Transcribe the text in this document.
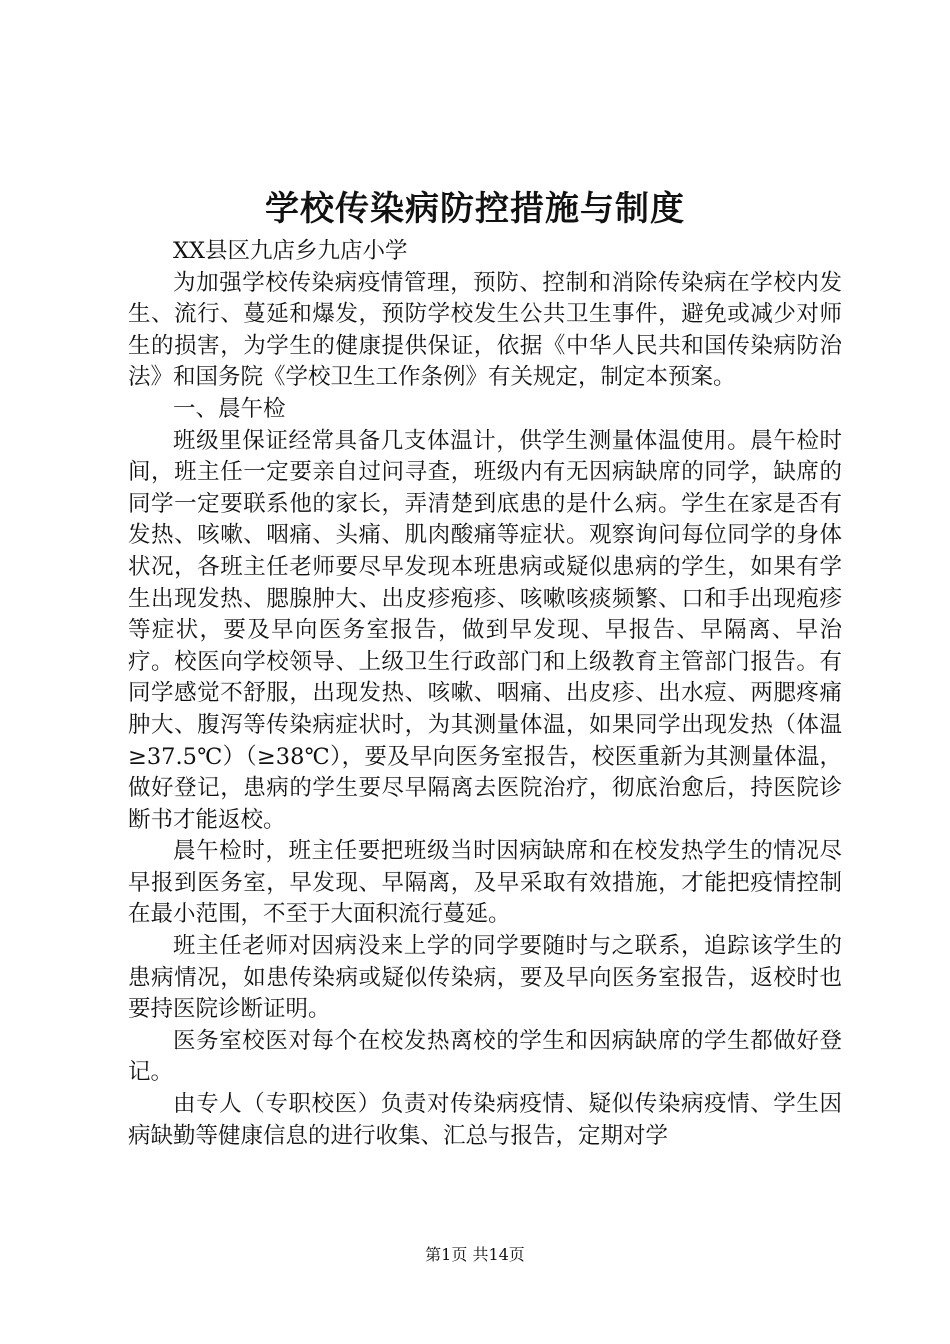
学校传染病防控措施与制度

XX县区九店乡九店小学

为加强学校传染病疫情管理，预防、控制和消除传染病在学校内发生、流行、蔓延和爆发，预防学校发生公共卫生事件，避免或减少对师生的损害，为学生的健康提供保证，依据《中华人民共和国传染病防治法》和国务院《学校卫生工作条例》有关规定，制定本预案。

一、晨午检

班级里保证经常具备几支体温计，供学生测量体温使用。晨午检时间，班主任一定要亲自过问寻查，班级内有无因病缺席的同学，缺席的同学一定要联系他的家长，弄清楚到底患的是什么病。学生在家是否有发热、咳嗽、咽痛、头痛、肌肉酸痛等症状。观察询问每位同学的身体状况，各班主任老师要尽早发现本班患病或疑似患病的学生，如果有学生出现发热、腮腺肿大、出皮疹疱疹、咳嗽咳痰频繁、口和手出现疱疹等症状，要及早向医务室报告，做到早发现、早报告、早隔离、早治疗。校医向学校领导、上级卫生行政部门和上级教育主管部门报告。有同学感觉不舒服，出现发热、咳嗽、咽痛、出皮疹、出水痘、两腮疼痛肿大、腹泻等传染病症状时，为其测量体温，如果同学出现发热（体温≥37.5℃）（≥38℃），要及早向医务室报告，校医重新为其测量体温，做好登记，患病的学生要尽早隔离去医院治疗，彻底治愈后，持医院诊断书才能返校。

晨午检时，班主任要把班级当时因病缺席和在校发热学生的情况尽早报到医务室，早发现、早隔离，及早采取有效措施，才能把疫情控制在最小范围，不至于大面积流行蔓延。

班主任老师对因病没来上学的同学要随时与之联系，追踪该学生的患病情况，如患传染病或疑似传染病，要及早向医务室报告，返校时也要持医院诊断证明。

医务室校医对每个在校发热离校的学生和因病缺席的学生都做好登记。

由专人（专职校医）负责对传染病疫情、疑似传染病疫情、学生因病缺勤等健康信息的进行收集、汇总与报告，定期对学

第1页 共14页
